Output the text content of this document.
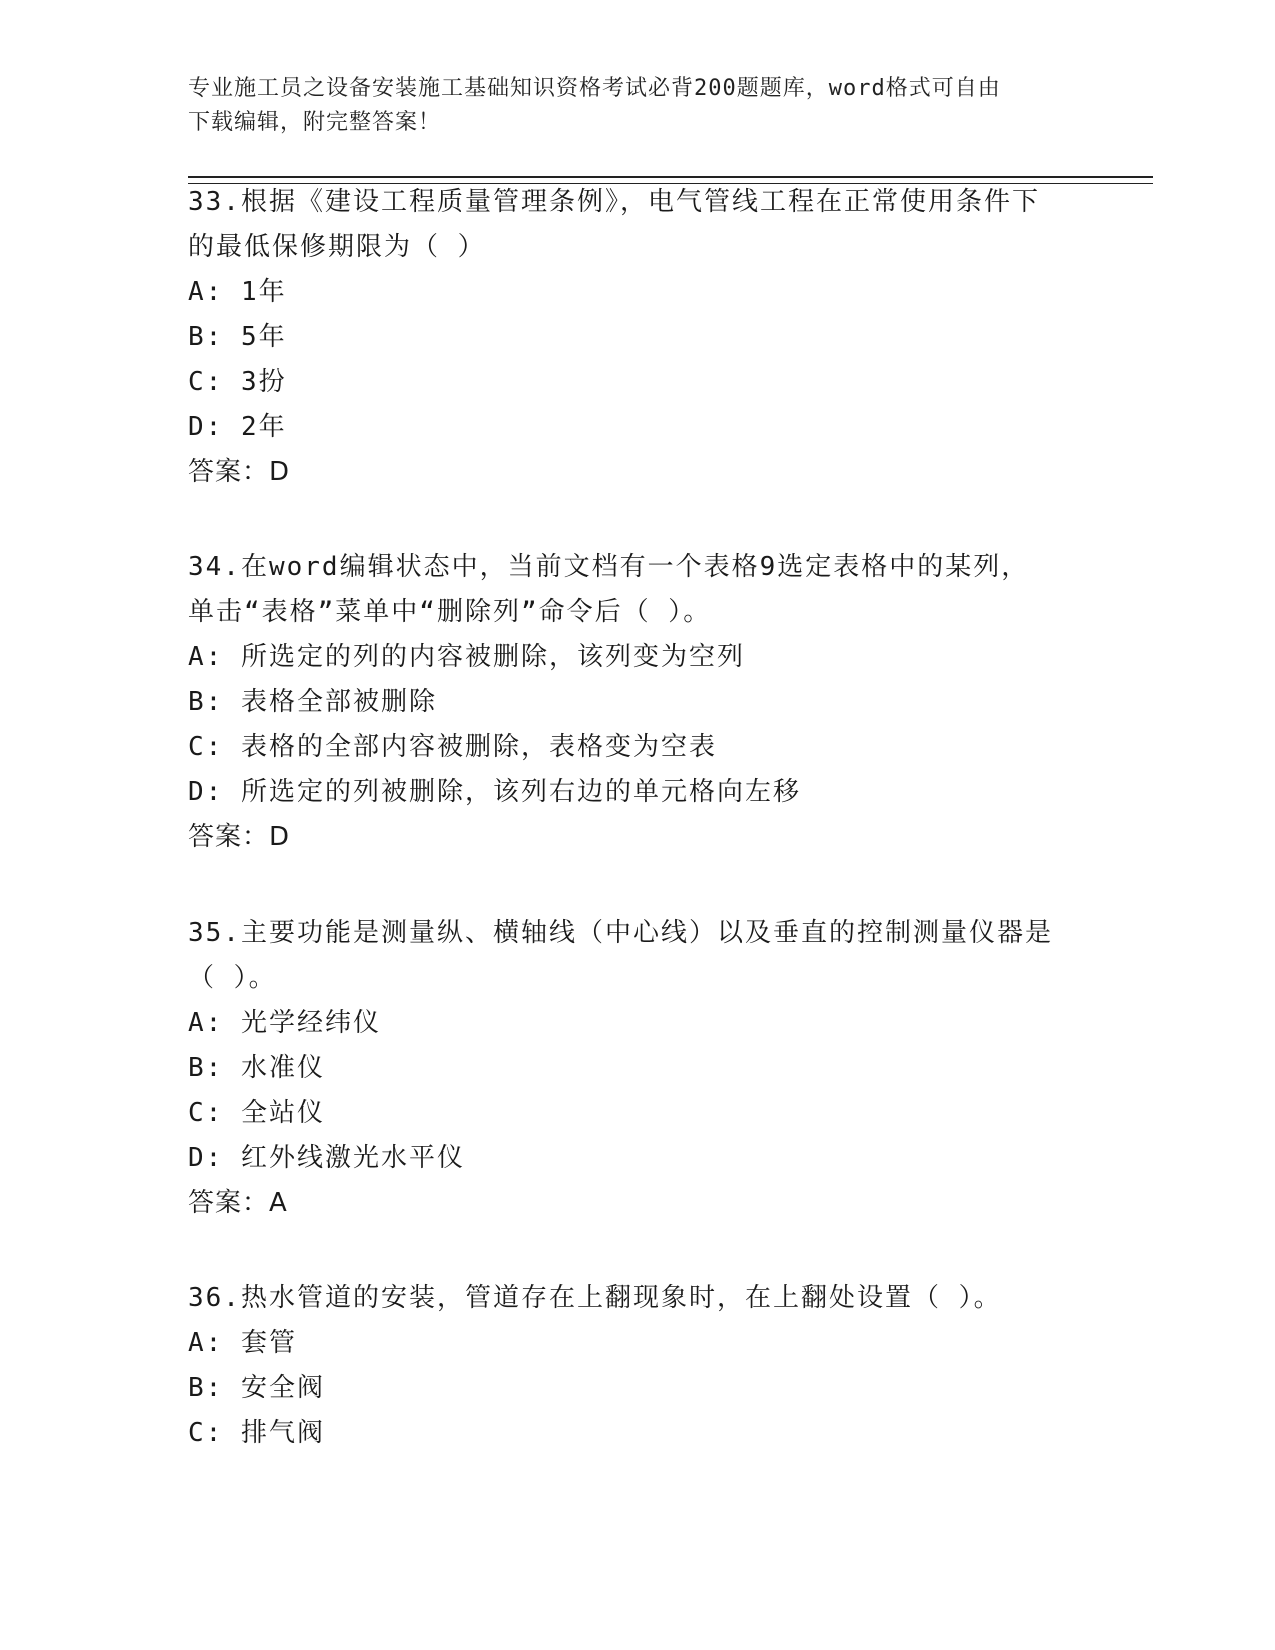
专业施工员之设备安装施工基础知识资格考试必背200题题库，word格式可自由
下载编辑，附完整答案！
33.根据《建设工程质量管理条例》，电气管线工程在正常使用条件下
的最低保修期限为（ ）
A: 1年
B: 5年
C: 3扮
D: 2年
答案：D
34.在word编辑状态中，当前文档有一个表格9选定表格中的某列，
单击“表格”菜单中“删除列”命令后（ ）。
A: 所选定的列的内容被删除，该列变为空列
B: 表格全部被删除
C: 表格的全部内容被删除，表格变为空表
D: 所选定的列被删除，该列右边的单元格向左移
答案：D
35.主要功能是测量纵、横轴线（中心线）以及垂直的控制测量仪器是
（ ）。
A: 光学经纬仪
B: 水准仪
C: 全站仪
D: 红外线激光水平仪
答案：A
36.热水管道的安装，管道存在上翻现象时，在上翻处设置（ ）。
A: 套管
B: 安全阀
C: 排气阀
